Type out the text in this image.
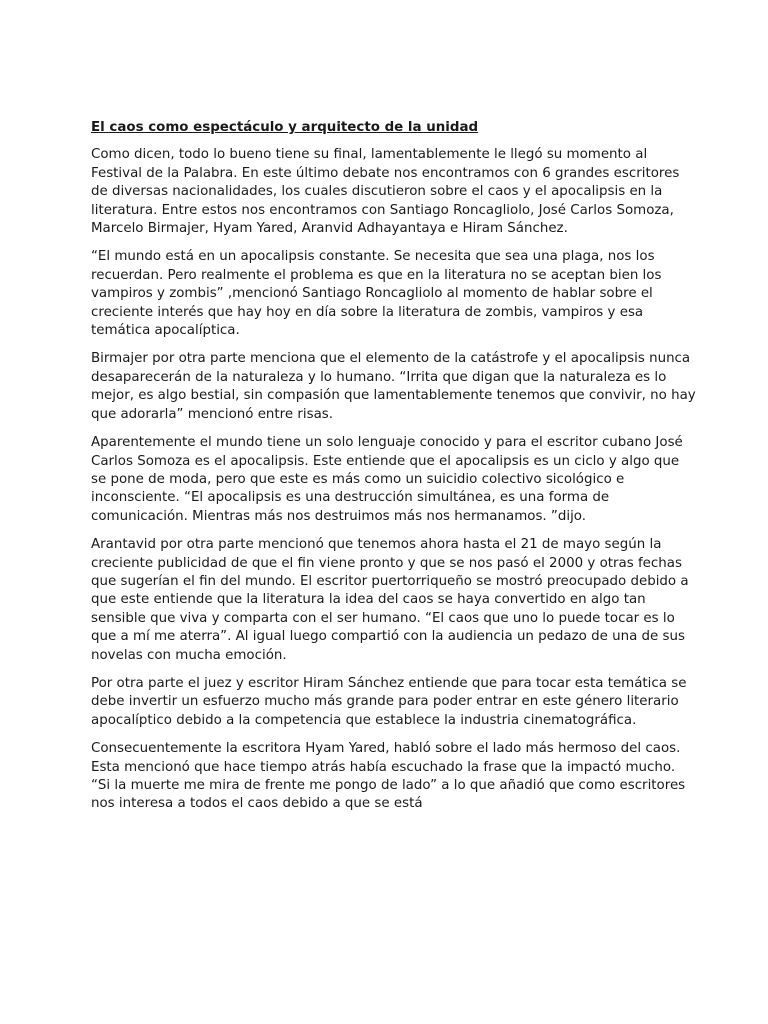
El caos como espectáculo y arquitecto de la unidad

Como dicen, todo lo bueno tiene su final, lamentablemente le llegó su momento al Festival de la Palabra. En este último debate nos encontramos con 6 grandes escritores de diversas nacionalidades, los cuales discutieron sobre el caos y el apocalipsis en la literatura. Entre estos nos encontramos con Santiago Roncagliolo, José Carlos Somoza, Marcelo Birmajer, Hyam Yared, Aranvid Adhayantaya e Hiram Sánchez.

“El mundo está en un apocalipsis constante. Se necesita que sea una plaga, nos los recuerdan. Pero realmente el problema es que en la literatura no se aceptan bien los vampiros y zombis” ,mencionó Santiago Roncagliolo al momento de hablar sobre el creciente interés que hay hoy en día sobre la literatura de zombis, vampiros y esa temática apocalíptica.

Birmajer por otra parte menciona que el elemento de la catástrofe y el apocalipsis nunca desaparecerán de la naturaleza y lo humano. “Irrita que digan que la naturaleza es lo mejor, es algo bestial, sin compasión que lamentablemente tenemos que convivir, no hay que adorarla” mencionó entre risas.

Aparentemente el mundo tiene un solo lenguaje conocido y para el escritor cubano José Carlos Somoza es el apocalipsis. Este entiende que el apocalipsis es un ciclo y algo que se pone de moda, pero que este es más como un suicidio colectivo sicológico e inconsciente. “El apocalipsis es una destrucción simultánea, es una forma de comunicación. Mientras más nos destruimos más nos hermanamos. ”dijo.

Arantavid por otra parte mencionó que tenemos ahora hasta el 21 de mayo según la creciente publicidad de que el fin viene pronto y que se nos pasó el 2000 y otras fechas que sugerían el fin del mundo. El escritor puertorriqueño se mostró preocupado debido a que este entiende que la literatura la idea del caos se haya convertido en algo tan sensible que viva y comparta con el ser humano. “El caos que uno lo puede tocar es lo que a mí me aterra”. Al igual luego compartió con la audiencia un pedazo de una de sus novelas con mucha emoción.

Por otra parte el juez y escritor Hiram Sánchez entiende que para tocar esta temática se debe invertir un esfuerzo mucho más grande para poder entrar en este género literario apocalíptico debido a la competencia que establece la industria cinematográfica.

Consecuentemente la escritora Hyam Yared, habló sobre el lado más hermoso del caos. Esta mencionó que hace tiempo atrás había escuchado la frase que la impactó mucho. “Si la muerte me mira de frente me pongo de lado” a lo que añadió que como escritores nos interesa a todos el caos debido a que se está
